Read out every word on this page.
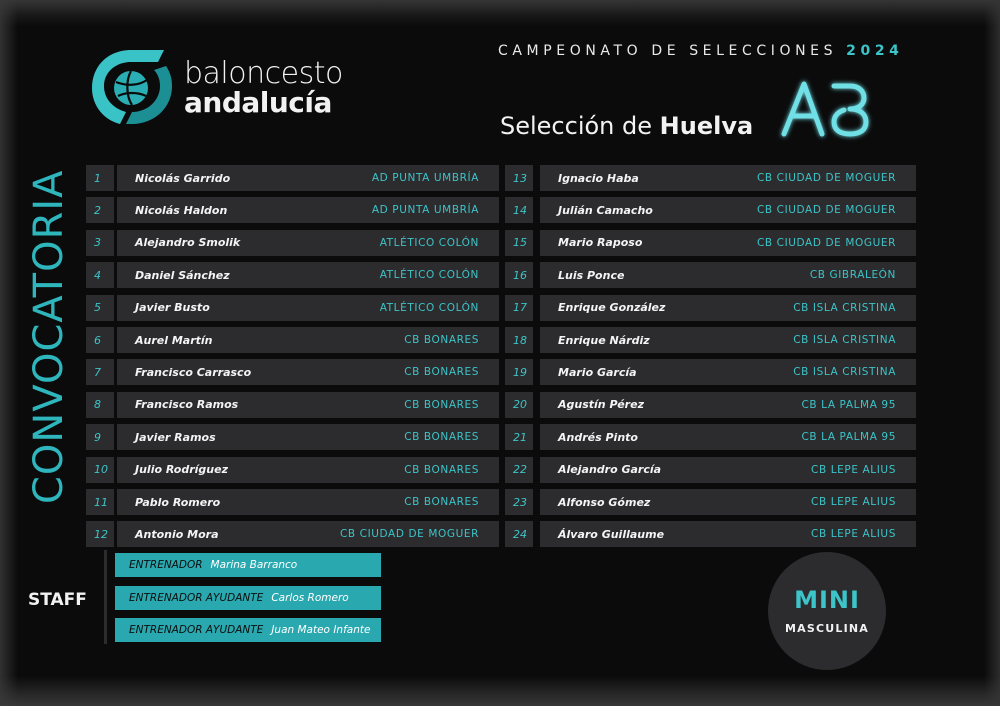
baloncesto
andalucía
CAMPEONATO DE SELECCIONES 2024
Selección de Huelva
CONVOCATORIA	1	Nicolás Garrido	AD PUNTA UMBRÍA
2	Nicolás Haldon	AD PUNTA UMBRÍA
3	Alejandro Smolik	ATLÉTICO COLÓN
4	Daniel Sánchez	ATLÉTICO COLÓN
5	Javier Busto	ATLÉTICO COLÓN
6	Aurel Martín	CB BONARES
7	Francisco Carrasco	CB BONARES
8	Francisco Ramos	CB BONARES
9	Javier Ramos	CB BONARES
10	Julio Rodríguez	CB BONARES
11	Pablo Romero	CB BONARES
12	Antonio Mora	CB CIUDAD DE MOGUER
13	Ignacio Haba	CB CIUDAD DE MOGUER
14	Julián Camacho	CB CIUDAD DE MOGUER
15	Mario Raposo	CB CIUDAD DE MOGUER
16	Luis Ponce	CB GIBRALEÓN
17	Enrique González	CB ISLA CRISTINA
18	Enrique Nárdiz	CB ISLA CRISTINA
19	Mario García	CB ISLA CRISTINA
20	Agustín Pérez	CB LA PALMA 95
21	Andrés Pinto	CB LA PALMA 95
22	Alejandro García	CB LEPE ALIUS
23	Alfonso Gómez	CB LEPE ALIUS
24	Álvaro Guillaume	CB LEPE ALIUS
STAFF
ENTRENADOR Marina Barranco
ENTRENADOR AYUDANTE Carlos Romero
ENTRENADOR AYUDANTE Juan Mateo Infante
MINI
MASCULINA
